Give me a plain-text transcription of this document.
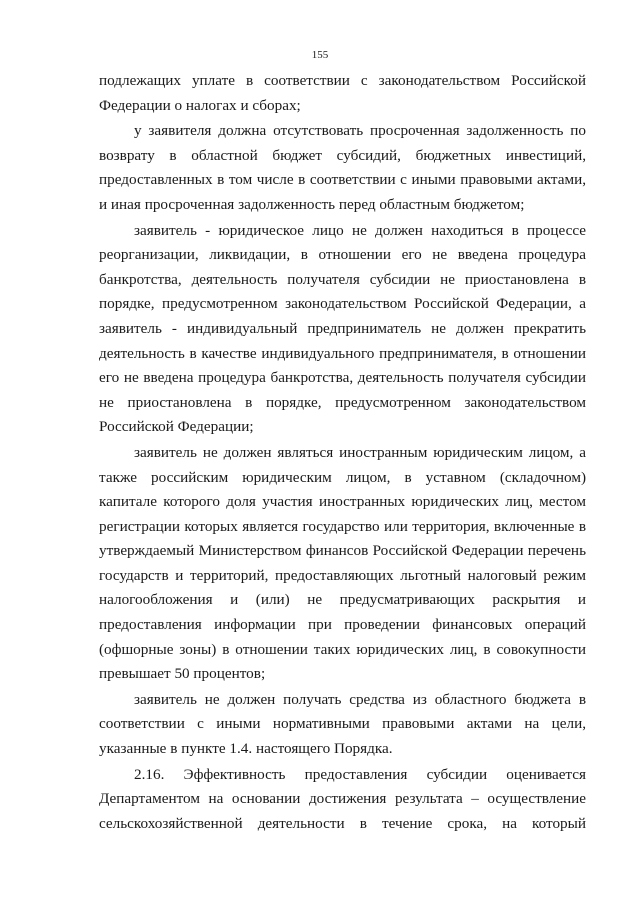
155

подлежащих уплате в соответствии с законодательством Российской Федерации о налогах и сборах;

у заявителя должна отсутствовать просроченная задолженность по возврату в областной бюджет субсидий, бюджетных инвестиций, предоставленных в том числе в соответствии с иными правовыми актами, и иная просроченная задолженность перед областным бюджетом;

заявитель - юридическое лицо не должен находиться в процессе реорганизации, ликвидации, в отношении его не введена процедура банкротства, деятельность получателя субсидии не приостановлена в порядке, предусмотренном законодательством Российской Федерации, а заявитель - индивидуальный предприниматель не должен прекратить деятельность в качестве индивидуального предпринимателя, в отношении его не введена процедура банкротства, деятельность получателя субсидии не приостановлена в порядке, предусмотренном законодательством Российской Федерации;

заявитель не должен являться иностранным юридическим лицом, а также российским юридическим лицом, в уставном (складочном) капитале которого доля участия иностранных юридических лиц, местом регистрации которых является государство или территория, включенные в утверждаемый Министерством финансов Российской Федерации перечень государств и территорий, предоставляющих льготный налоговый режим налогообложения и (или) не предусматривающих раскрытия и предоставления информации при проведении финансовых операций (офшорные зоны) в отношении таких юридических лиц, в совокупности превышает 50 процентов;

заявитель не должен получать средства из областного бюджета в соответствии с иными нормативными правовыми актами на цели, указанные в пункте 1.4. настоящего Порядка.

2.16. Эффективность предоставления субсидии оценивается Департаментом на основании достижения результата – осуществление сельскохозяйственной деятельности в течение срока, на который
